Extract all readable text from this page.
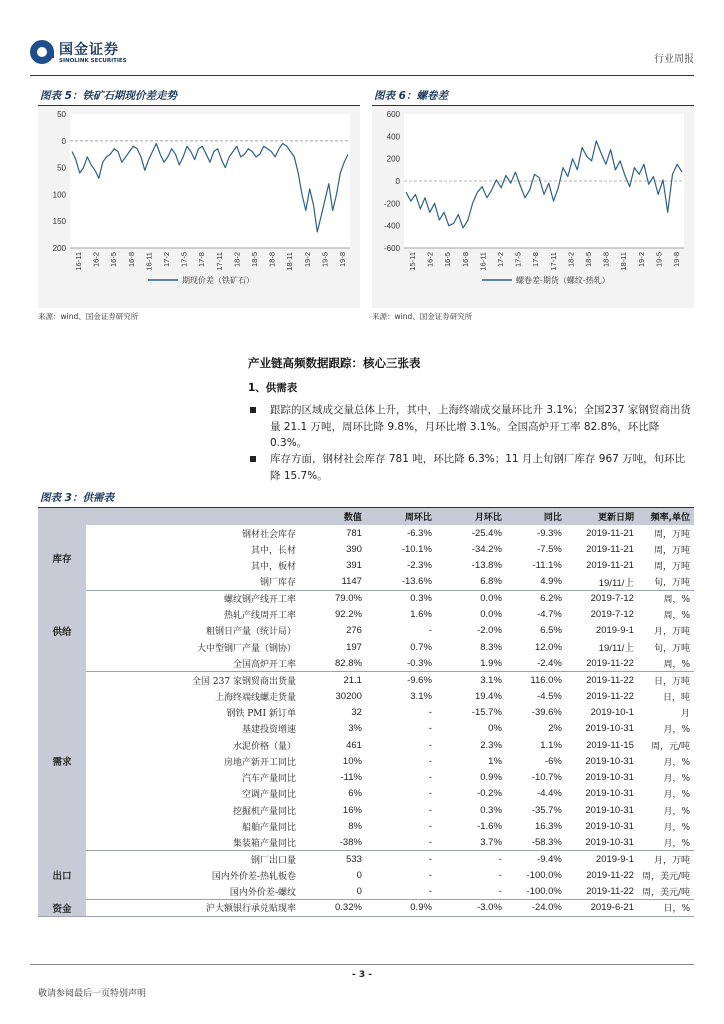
国金证券
SINOLINK SECURITIES	行业周报
图表 5：铁矿石期现价差走势
50
0
50
100
150
200
16-11 16-2 16-5 16-8 16-11 17-2 17-5 17-8 17-11 18-2 18-5 18-8 18-11 19-2 19-5 19-8
期现价差（铁矿石）
来源：wind、国金证券研究所
图表 6：螺卷差
600
400
200
0
-200
-400
-600
15-11 16-2 16-5 16-8 16-11 17-2 17-5 17-8 17-11 18-2 18-5 18-8 18-11 19-2 19-5 19-8
螺卷差-期货（螺纹-热轧）
来源：wind、国金证券研究所
产业链高频数据跟踪：核心三张表
1、供需表
跟踪的区域成交量总体上升，其中，上海终端成交量环比升 3.1%；全国237 家钢贸商出货量 21.1 万吨，周环比降 9.8%，月环比增 3.1%。全国高炉开工率 82.8%，环比降 0.3%。
库存方面，钢材社会库存 781 吨，环比降 6.3%；11 月上旬钢厂库存 967 万吨，旬环比降 15.7%。
图表 3：供需表
		数值	周环比	月环比	同比	更新日期	频率,单位
库存	钢材社会库存	781	-6.3%	-25.4%	-9.3%	2019-11-21	周，万吨
	其中，长材	390	-10.1%	-34.2%	-7.5%	2019-11-21	周，万吨
	其中，板材	391	-2.3%	-13.8%	-11.1%	2019-11-21	周，万吨
	钢厂库存	1147	-13.6%	6.8%	4.9%	19/11/上	旬，万吨
供给	螺纹钢产线开工率	79.0%	0.3%	0.0%	6.2%	2019-7-12	周，%
	热轧产线周开工率	92.2%	1.6%	0.0%	-4.7%	2019-7-12	周，%
	粗钢日产量（统计局）	276	-	-2.0%	6.5%	2019-9-1	月，万吨
	大中型钢厂产量（钢协）	197	0.7%	8.3%	12.0%	19/11/上	旬，万吨
	全国高炉开工率	82.8%	-0.3%	1.9%	-2.4%	2019-11-22	周，%
需求	全国 237 家钢贸商出货量	21.1	-9.6%	3.1%	116.0%	2019-11-22	日，万吨
	上海终端线螺走货量	30200	3.1%	19.4%	-4.5%	2019-11-22	日，吨
	钢铁 PMI 新订单	32	-	-15.7%	-39.6%	2019-10-1	月
	基建投资增速	3%	-	0%	2%	2019-10-31	月，%
	水泥价格（量）	461	-	2.3%	1.1%	2019-11-15	周，元/吨
	房地产新开工同比	10%	-	1%	-6%	2019-10-31	月，%
	汽车产量同比	-11%	-	0.9%	-10.7%	2019-10-31	月，%
	空调产量同比	6%	-	-0.2%	-4.4%	2019-10-31	月，%
	挖掘机产量同比	16%	-	0.3%	-35.7%	2019-10-31	月，%
	船舶产量同比	8%	-	-1.6%	16.3%	2019-10-31	月，%
	集装箱产量同比	-38%	-	3.7%	-58.3%	2019-10-31	月，%
出口	钢厂出口量	533	-	-	-9.4%	2019-9-1	月，万吨
	国内外价差-热轧板卷	0	-	-	-100.0%	2019-11-22	周，美元/吨
	国内外价差-螺纹	0	-	-	-100.0%	2019-11-22	周，美元/吨
资金	沪大额银行承兑贴现率	0.32%	0.9%	-3.0%	-24.0%	2019-6-21	日，%
- 3 -
敬请参阅最后一页特别声明
